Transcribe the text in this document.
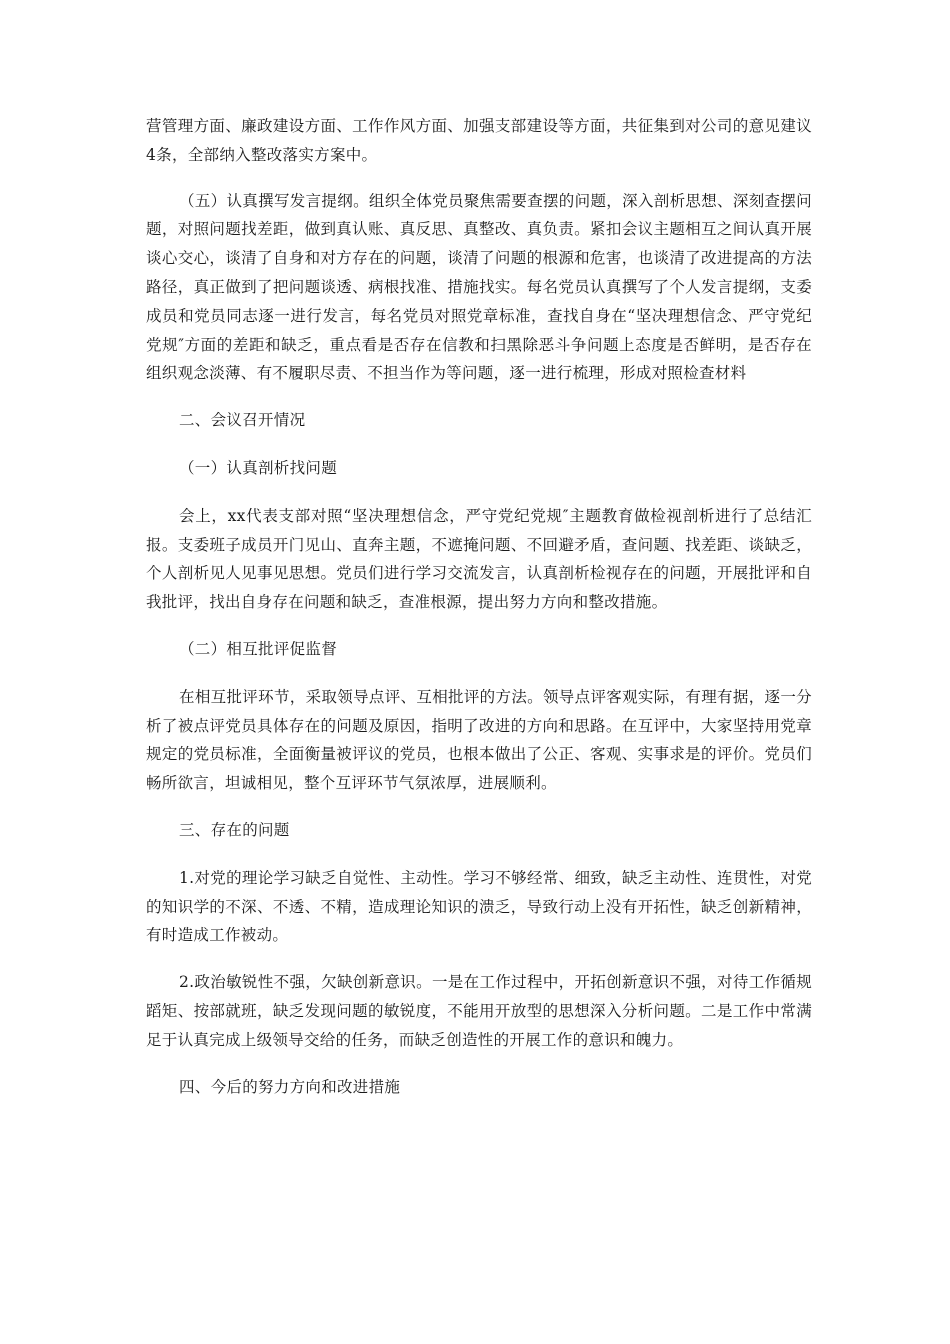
营管理方面、廉政建设方面、工作作风方面、加强支部建设等方面，共征集到对公司的意见建议4条，全部纳入整改落实方案中。

（五）认真撰写发言提纲。组织全体党员聚焦需要查摆的问题，深入剖析思想、深刻查摆问题，对照问题找差距，做到真认账、真反思、真整改、真负责。紧扣会议主题相互之间认真开展谈心交心，谈清了自身和对方存在的问题，谈清了问题的根源和危害，也谈清了改进提高的方法路径，真正做到了把问题谈透、病根找准、措施找实。每名党员认真撰写了个人发言提纲，支委成员和党员同志逐一进行发言，每名党员对照党章标准，查找自身在“坚决理想信念、严守党纪党规″方面的差距和缺乏，重点看是否存在信教和扫黑除恶斗争问题上态度是否鲜明，是否存在组织观念淡薄、有不履职尽责、不担当作为等问题，逐一进行梳理，形成对照检查材料

二、会议召开情况

（一）认真剖析找问题

会上，xx代表支部对照“坚决理想信念，严守党纪党规″主题教育做检视剖析进行了总结汇报。支委班子成员开门见山、直奔主题，不遮掩问题、不回避矛盾，查问题、找差距、谈缺乏，个人剖析见人见事见思想。党员们进行学习交流发言，认真剖析检视存在的问题，开展批评和自我批评，找出自身存在问题和缺乏，查准根源，提出努力方向和整改措施。

（二）相互批评促监督

在相互批评环节，采取领导点评、互相批评的方法。领导点评客观实际，有理有据，逐一分析了被点评党员具体存在的问题及原因，指明了改进的方向和思路。在互评中，大家坚持用党章规定的党员标准，全面衡量被评议的党员，也根本做出了公正、客观、实事求是的评价。党员们畅所欲言，坦诚相见，整个互评环节气氛浓厚，进展顺利。

三、存在的问题

1.对党的理论学习缺乏自觉性、主动性。学习不够经常、细致，缺乏主动性、连贯性，对党的知识学的不深、不透、不精，造成理论知识的溃乏，导致行动上没有开拓性，缺乏创新精神，有时造成工作被动。

2.政治敏锐性不强，欠缺创新意识。一是在工作过程中，开拓创新意识不强，对待工作循规蹈矩、按部就班，缺乏发现问题的敏锐度，不能用开放型的思想深入分析问题。二是工作中常满足于认真完成上级领导交给的任务，而缺乏创造性的开展工作的意识和魄力。

四、今后的努力方向和改进措施
